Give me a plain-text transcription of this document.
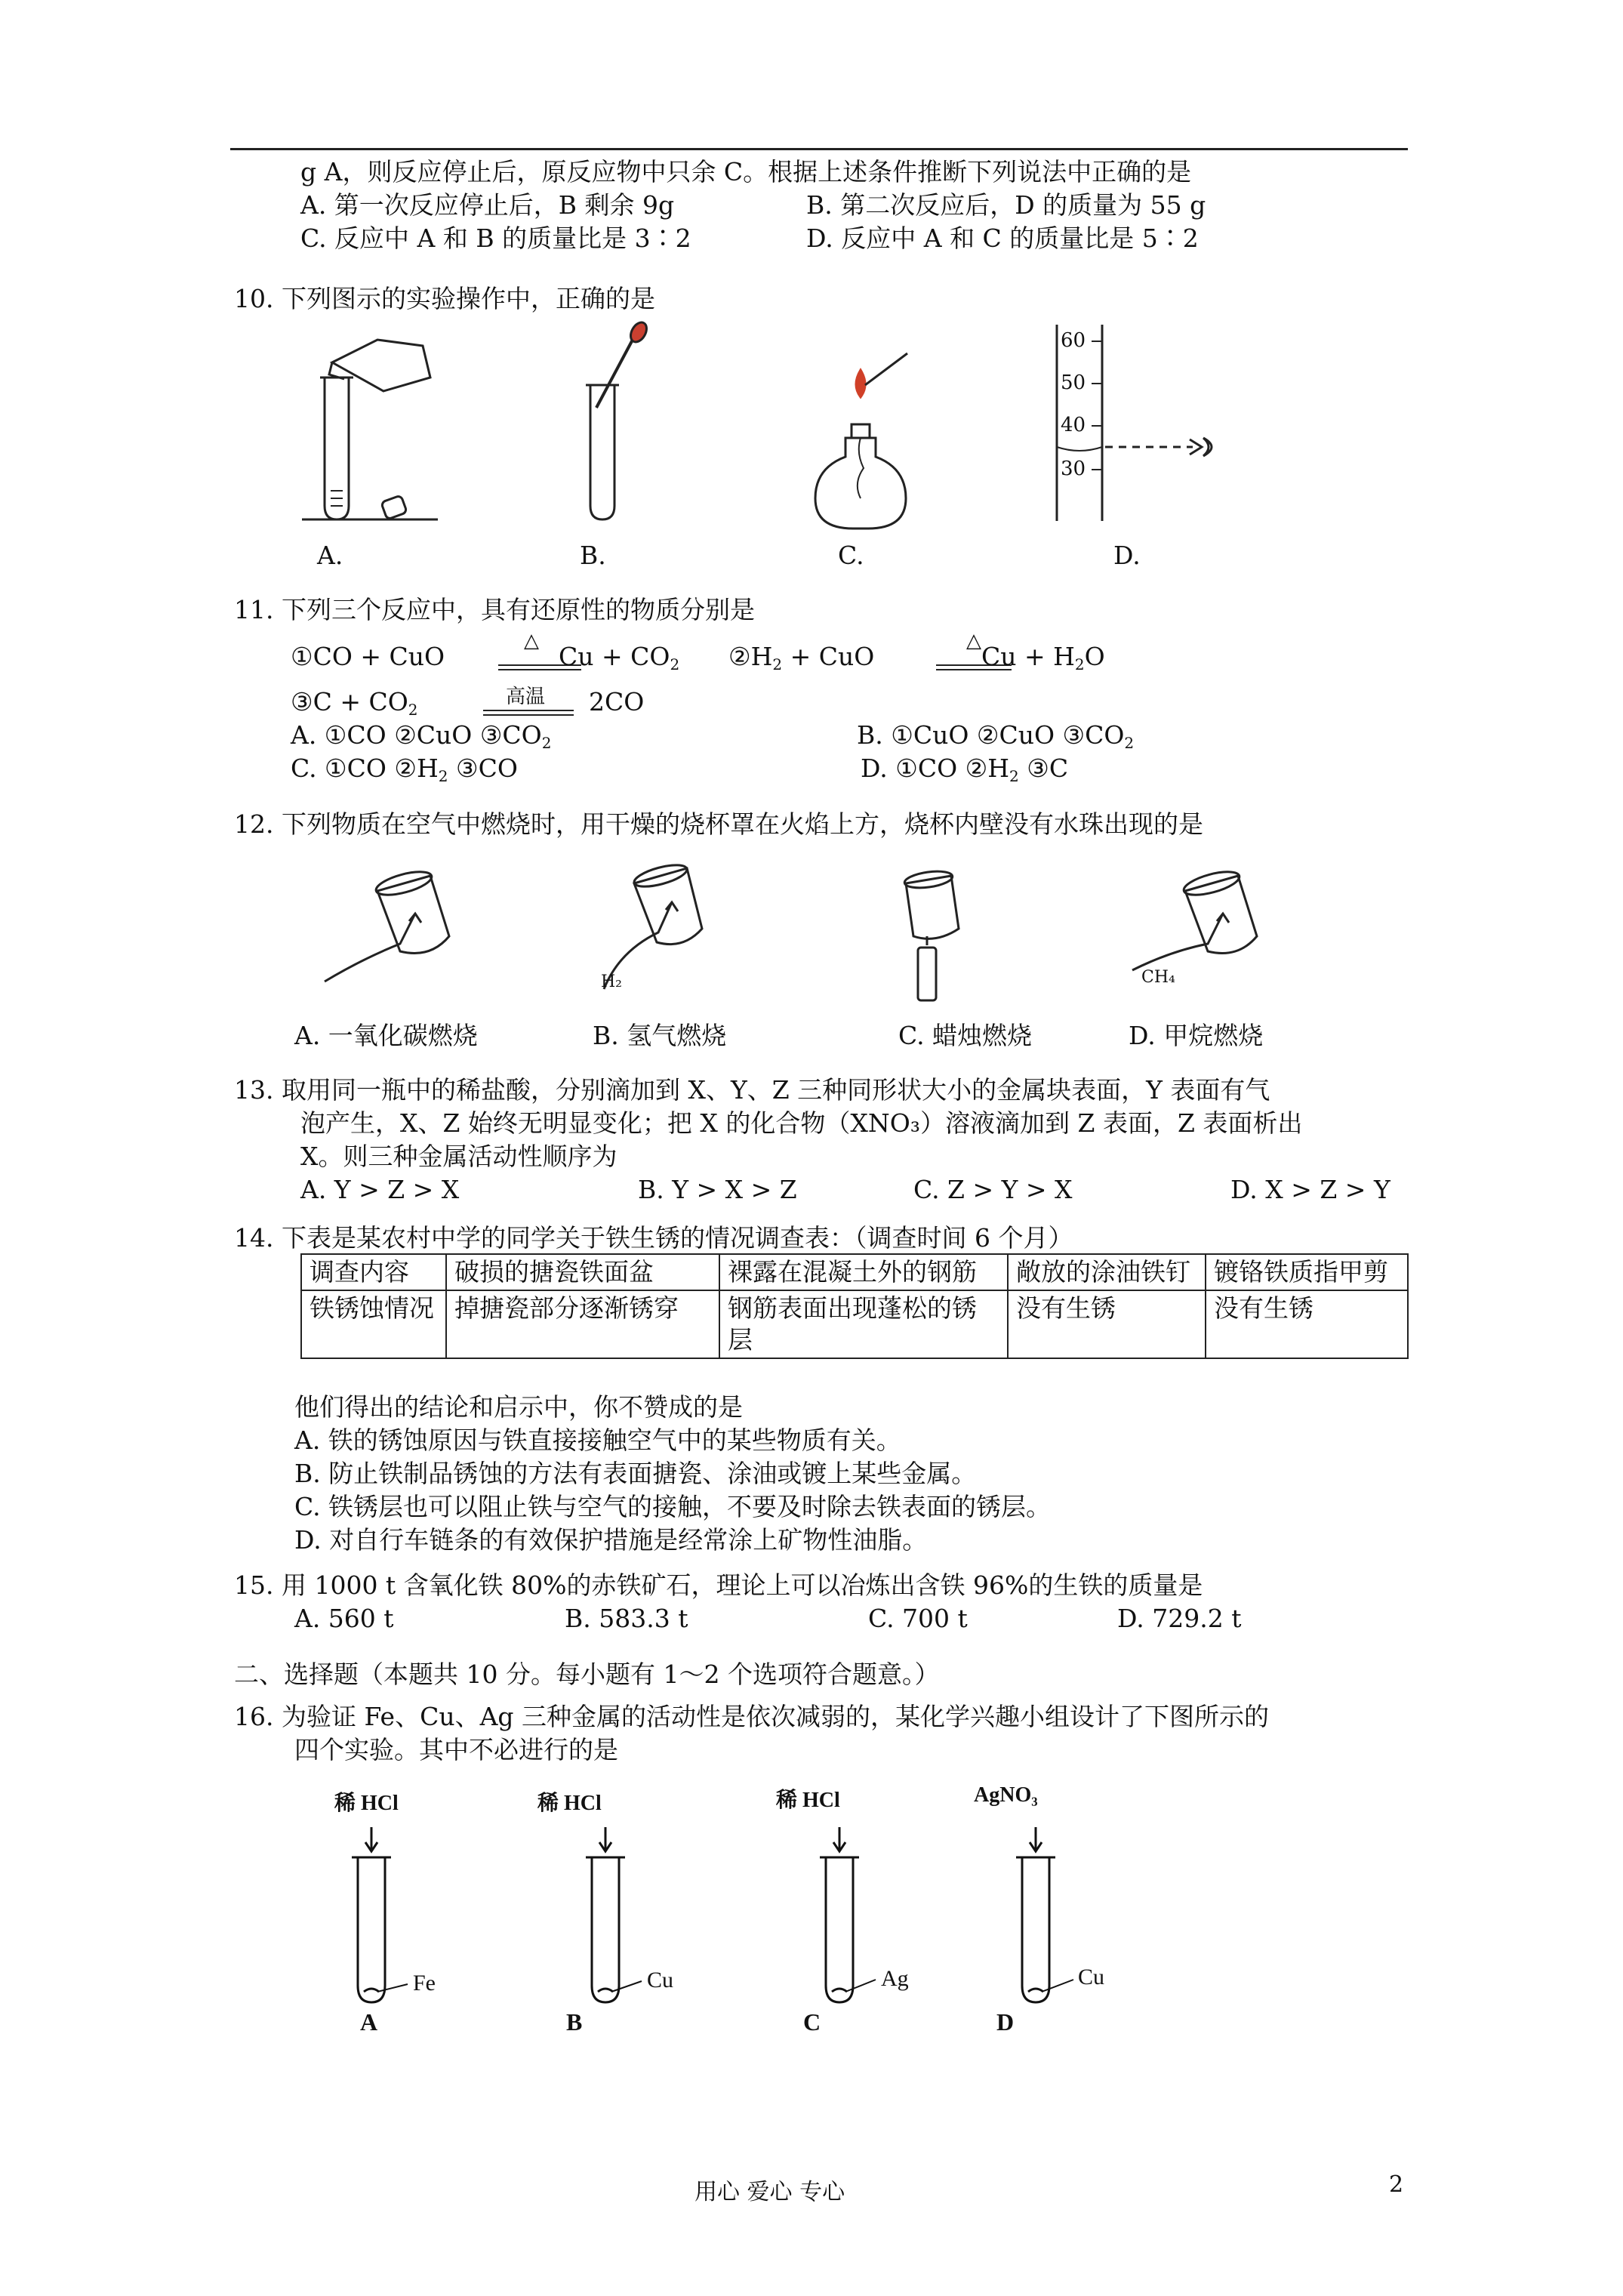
g A，则反应停止后，原反应物中只余 C。根据上述条件推断下列说法中正确的是
A. 第一次反应停止后，B 剩余 9g	B. 第二次反应后，D 的质量为 55 g
C. 反应中 A 和 B 的质量比是 3∶2	D. 反应中 A 和 C 的质量比是 5∶2
10. 下列图示的实验操作中，正确的是
60
50
40
30
A.	B.	C.	D.
11. 下列三个反应中，具有还原性的物质分别是
①CO + CuO
△
$Cu + CO_2$ $②H_2$ + CuO
△
$Cu + H_2O$
③C + $CO_2$
高温 2CO
A. ①CO ②CuO $③CO_2$	B. ①CuO ②CuO $③CO_2$
C. ①CO $②H_2$ ③CO	D. ①CO $②H_2$ ③C
12. 下列物质在空气中燃烧时，用干燥的烧杯罩在火焰上方，烧杯内壁没有水珠出现的是
H₂	CH₄
A. 一氧化碳燃烧	B. 氢气燃烧	C. 蜡烛燃烧	D. 甲烷燃烧
13. 取用同一瓶中的稀盐酸，分别滴加到 X、Y、Z 三种同形状大小的金属块表面，Y 表面有气
泡产生，X、Z 始终无明显变化；把 X 的化合物（XNO₃）溶液滴加到 Z 表面，Z 表面析出
X。则三种金属活动性顺序为
A. Y > Z > X	B. Y > X > Z	C. Z > Y > X	D. X > Z > Y
14. 下表是某农村中学的同学关于铁生锈的情况调查表：（调查时间 6 个月）
调查内容	破损的搪瓷铁面盆	裸露在混凝土外的钢筋	敞放的涂油铁钉	镀铬铁质指甲剪
铁锈蚀情况	掉搪瓷部分逐渐锈穿	钢筋表面出现蓬松的锈层	没有生锈	没有生锈
他们得出的结论和启示中，你不赞成的是
A. 铁的锈蚀原因与铁直接接触空气中的某些物质有关。
B. 防止铁制品锈蚀的方法有表面搪瓷、涂油或镀上某些金属。
C. 铁锈层也可以阻止铁与空气的接触，不要及时除去铁表面的锈层。
D. 对自行车链条的有效保护措施是经常涂上矿物性油脂。
15. 用 1000 t 含氧化铁 80%的赤铁矿石，理论上可以冶炼出含铁 96%的生铁的质量是
A. 560 t	B. 583.3 t	C. 700 t	D. 729.2 t
二、选择题（本题共 10 分。每小题有 1～2 个选项符合题意。）
16. 为验证 Fe、Cu、Ag 三种金属的活动性是依次减弱的，某化学兴趣小组设计了下图所示的
四个实验。其中不必进行的是
稀 HCl	稀 HCl	稀 HCl	AgNO₃
Fe	Cu	Ag	Cu
A	B	C	D
用心 爱心 专心	2
